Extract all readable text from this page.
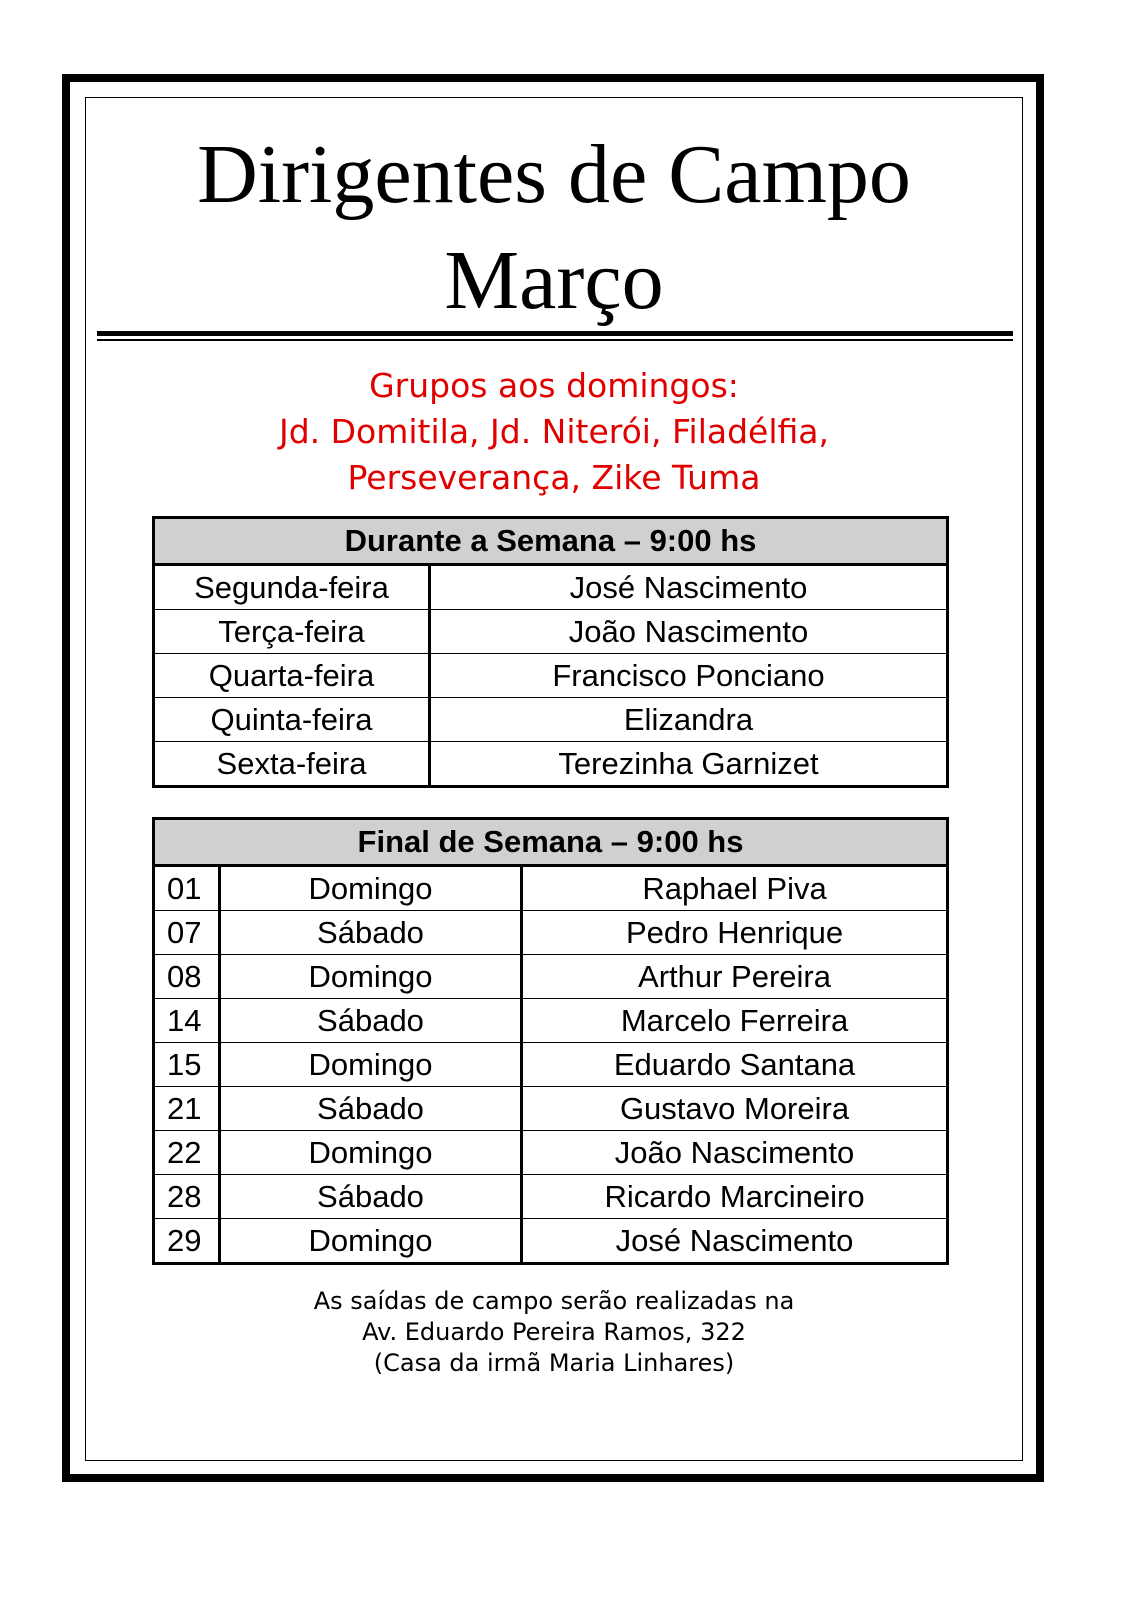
Dirigentes de Campo
Março
Grupos aos domingos:
Jd. Domitila, Jd. Niterói, Filadélfia,
Perseverança, Zike Tuma
Durante a Semana – 9:00 hs	
Segunda-feira	José Nascimento
Terça-feira	João Nascimento
Quarta-feira	Francisco Ponciano
Quinta-feira	Elizandra
Sexta-feira	Terezinha Garnizet
Final de Semana – 9:00 hs		
01	Domingo	Raphael Piva
07	Sábado	Pedro Henrique
08	Domingo	Arthur Pereira
14	Sábado	Marcelo Ferreira
15	Domingo	Eduardo Santana
21	Sábado	Gustavo Moreira
22	Domingo	João Nascimento
28	Sábado	Ricardo Marcineiro
29	Domingo	José Nascimento
As saídas de campo serão realizadas na
Av. Eduardo Pereira Ramos, 322
(Casa da irmã Maria Linhares)
